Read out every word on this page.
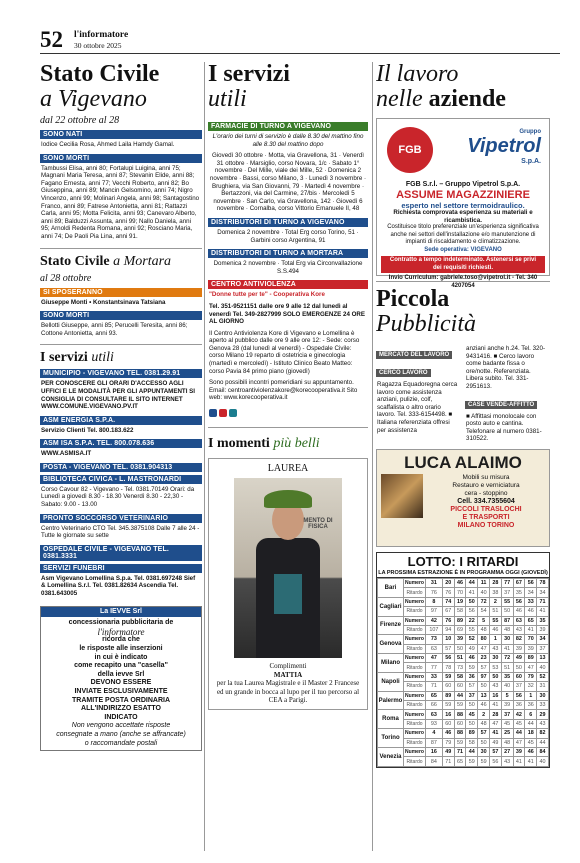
52 l'informatore
30 ottobre 2025
Stato Civile
a Vigevano
dal 22 ottobre al 28
SONO NATI
Iodice Cecilia Rosa, Ahmed Laila Hamdy Gamal.
SONO MORTI
Tambussi Elisa, anni 80; Fortalupi Luigina, anni 75; Magnani Maria Teresa, anni 87; Stevanin Elide, anni 88; Fagano Ernesta, anni 77; Vecchi Roberto, anni 82; Bo Giuseppina, anni 89; Mancin Gelsomino, anni 74; Nigro Vincenzo, anni 99; Molinari Angela, anni 98; Santagostino Franco, anni 89; Fatrese Antonietta, anni 81; Rattazzi Carla, anni 95; Motta Felicita, anni 93; Canevaro Alberto, anni 89; Balduzzi Assunta, anni 99; Nallo Daniela, anni 95; Arnoldi Redenta Romana, anni 92; Rosciano Maria, anni 74; De Paoli Pia Lina, anni 91.
Stato Civile a Mortara
al 28 ottobre
SI SPOSERANNO
Giuseppe Monti • Konstantsinava Tatsiana
SONO MORTI
Bellotti Giuseppe, anni 85; Perucelli Teresita, anni 86; Cottone Antonietta, anni 93.
I servizi utili
MUNICIPIO - VIGEVANO TEL. 0381.29.91
PER CONOSCERE GLI ORARI D'ACCESSO AGLI UFFICI E LE MODALITÀ PER GLI APPUNTAMENTI SI CONSIGLIA DI CONSULTARE IL SITO INTERNET WWW.COMUNE.VIGEVANO.PV.IT
ASM ENERGIA S.P.A.
Servizio Clienti Tel. 800.183.622
ASM ISA S.P.A. TEL. 800.078.636
WWW.ASMISA.IT
POSTA - VIGEVANO TEL. 0381.904313
BIBLIOTECA CIVICA - L. MASTRONARDI
Corso Cavour 82 - Vigevano - Tel. 0381.70149 Orari: da Lunedì a giovedì 8.30 - 18.30 Venerdì 8.30 - 22,30 - Sabato: 9.00 - 13.00
PRONTO SOCCORSO VETERINARIO
Centro Veterinario CTO Tel. 345.3875108 Dalle 7 alle 24 - Tutte le giornate su sette
OSPEDALE CIVILE - VIGEVANO TEL. 0381.3331
SERVIZI FUNEBRI
Asm Vigevano Lomellina S.p.a. Tel. 0381.697248 Sief & Lomellina S.r.l. Tel. 0381.82634 Ascendia Tel. 0381.643005
La IEVVE Srl
concessionaria pubblicitaria de
l'informatore
ricorda che
le risposte alle inserzioni
in cui è indicato
come recapito una "casella"
della ievve Srl
DEVONO ESSERE
INVIATE ESCLUSIVAMENTE
TRAMITE POSTA ORDINARIA
ALL'INDIRIZZO ESATTO
INDICATO
Non vengono accettate risposte
consegnate a mano (anche se affrancate)
o raccomandate postali
I servizi
utili
FARMACIE DI TURNO A VIGEVANO
L'orario dei turni di servizio è dalle 8.30 del mattino fino alle 8.30 del mattino dopo
Giovedì 30 ottobre · Motta, via Gravellona, 31 · Venerdì 31 ottobre · Marsiglio, corso Novara, 1/c · Sabato 1° novembre · Del Mille, viale dei Mille, 52 · Domenica 2 novembre · Bassi, corso Milano, 3 · Lunedì 3 novembre · Brughiera, via San Giovanni, 79 · Martedì 4 novembre · Bertazzoni, via del Carmine, 27/bis · Mercoledì 5 novembre · San Carlo, via Gravellona, 142 · Giovedì 6 novembre · Cornalba, corso Vittorio Emanuele II, 48
DISTRIBUTORI DI TURNO A VIGEVANO
Domenica 2 novembre · Total Erg corso Torino, 51 · Garbini corso Argentina, 91
DISTRIBUTORI DI TURNO A MORTARA
Domenica 2 novembre · Total Erg via Circonvallazione S.S.494
CENTRO ANTIVIOLENZA
"Donne tutte per te" - Cooperativa Kore
Tel. 351-9521151 dalle ore 9 alle 12 dal lunedì al venerdì Tel. 349-2827999 SOLO EMERGENZE 24 ORE AL GIORNO
Il Centro Antiviolenza Kore di Vigevano e Lomellina è aperto al pubblico dalle ore 9 alle ore 12: - Sede: corso Genova 28 (dal lunedì al venerdì) - Ospedale Civile: corso Milano 19 reparto di ostetricia e ginecologia (martedì e mercoledì) - Istituto Clinico Beato Matteo: corso Pavia 84 primo piano (giovedì)
Sono possibili incontri pomeridiani su appuntamento. Email: centroantiviolenzakore@korecooperativa.it Sito web: www.korecooperativa.it
I momenti più belli
LAUREA
MENTO DI FISICA
Complimenti
MATTIA
per la tua Laurea Magistrale e il Master 2 Francese ed un grande in bocca al lupo per il tuo percorso al CEA a Parigi.
Il lavoro
nelle aziende
FGB
Gruppo
Vipetrol
S.p.A.
FGB S.r.l. – Gruppo Vipetrol S.p.A.
ASSUME MAGAZZINIERE
esperto nel settore termoidraulico.
Richiesta comprovata esperienza su materiali e ricambistica.
Costituisce titolo preferenziale un'esperienza significativa anche nei settori dell'installazione e/o manutenzione di impianti di riscaldamento e climatizzazione.
Sede operativa: VIGEVANO
Contratto a tempo indeterminato. Astenersi se privi dei requisiti richiesti.
Invio Curriculum: gabriele.toso@vipetrol.it - Tel. 340 4207054
Piccola
Pubblicità
MERCATO DEL LAVORO
CERCO LAVORO
Ragazza Equadoregna cerca lavoro come assistenza anziani, pulizie, colf, scaffalista o altro orario lavoro. Tel. 333-6154498. ■ Italiana referenziata offresi per assistenza
anziani anche h.24. Tel. 320-9431416. ■ Cerco lavoro come badante fissa o ore/notte. Referenziata. Libera subito. Tel. 331-2951613.
CASE VENDE-AFFITTO
■ Affittasi monolocale con posto auto e cantina. Telefonare al numero 0381-310522.
LUCA ALAIMO
Mobili su misura
Restauro e verniciatura
cera - stoppino
Cell. 334.7355604
PICCOLI TRASLOCHI
E TRASPORTI
MILANO TORINO
LOTTO: I RITARDI
LA PROSSIMA ESTRAZIONE È IN PROGRAMMA OGGI (GIOVEDÌ)
Bari	Numero	31	20	46	44	11	28	77	67	56	78
	Ritardo	76	76	70	41	40	38	37	35	34	34
Cagliari	Numero	8	74	19	50	72	2	55	56	33	71
	Ritardo	97	67	58	56	54	51	50	46	46	41
Firenze	Numero	42	76	89	22	5	55	87	63	65	35
	Ritardo	107	94	69	55	48	46	48	43	41	39
Genova	Numero	73	10	39	52	80	1	30	82	70	34
	Ritardo	63	57	50	49	47	43	41	39	39	37
Milano	Numero	47	56	51	46	23	30	72	49	89	13
	Ritardo	77	78	73	59	57	53	51	50	47	40
Napoli	Numero	33	59	58	36	97	50	35	60	79	52
	Ritardo	71	60	60	57	50	43	40	37	32	31
Palermo	Numero	65	89	44	37	13	16	5	56	1	30
	Ritardo	66	59	59	50	46	41	39	36	36	33
Roma	Numero	63	16	88	45	2	28	37	42	6	29
	Ritardo	93	60	60	50	48	47	45	45	44	43
Torino	Numero	4	46	88	89	57	41	25	44	18	82
	Ritardo	87	79	59	58	50	49	48	47	45	44
Venezia	Numero	16	49	71	44	30	57	27	39	46	84
	Ritardo	84	71	65	59	59	56	43	41	41	40
